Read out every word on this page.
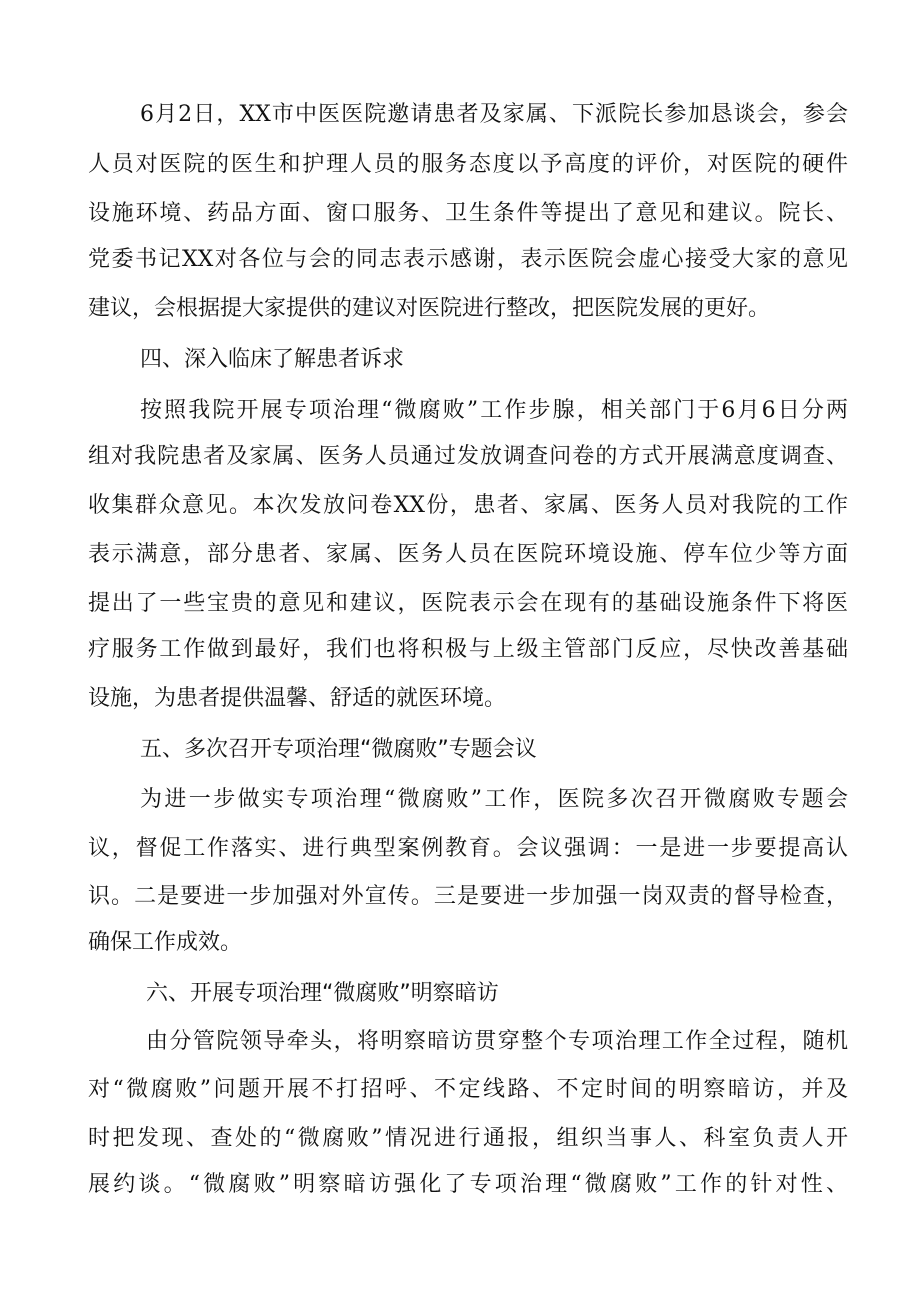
6月2日，XX市中医医院邀请患者及家属、下派院长参加恳谈会，参会
人员对医院的医生和护理人员的服务态度以予高度的评价，对医院的硬件
设施环境、药品方面、窗口服务、卫生条件等提出了意见和建议。院长、
党委书记XX对各位与会的同志表示感谢，表示医院会虚心接受大家的意见
建议，会根据提大家提供的建议对医院进行整改，把医院发展的更好。
四、深入临床了解患者诉求
按照我院开展专项治理“微腐败”工作步腺，相关部门于6月6日分两
组对我院患者及家属、医务人员通过发放调查问卷的方式开展满意度调查、
收集群众意见。本次发放问卷XX份，患者、家属、医务人员对我院的工作
表示满意，部分患者、家属、医务人员在医院环境设施、停车位少等方面
提出了一些宝贵的意见和建议，医院表示会在现有的基础设施条件下将医
疗服务工作做到最好，我们也将积极与上级主管部门反应，尽快改善基础
设施，为患者提供温馨、舒适的就医环境。
五、多次召开专项治理“微腐败”专题会议
为进一步做实专项治理“微腐败”工作，医院多次召开微腐败专题会
议，督促工作落实、进行典型案例教育。会议强调：一是进一步要提高认
识。二是要进一步加强对外宣传。三是要进一步加强一岗双责的督导检查，
确保工作成效。
六、开展专项治理“微腐败”明察暗访
由分管院领导牵头，将明察暗访贯穿整个专项治理工作全过程，随机
对“微腐败”问题开展不打招呼、不定线路、不定时间的明察暗访，并及
时把发现、查处的“微腐败”情况进行通报，组织当事人、科室负责人开
展约谈。“微腐败”明察暗访强化了专项治理“微腐败”工作的针对性、
